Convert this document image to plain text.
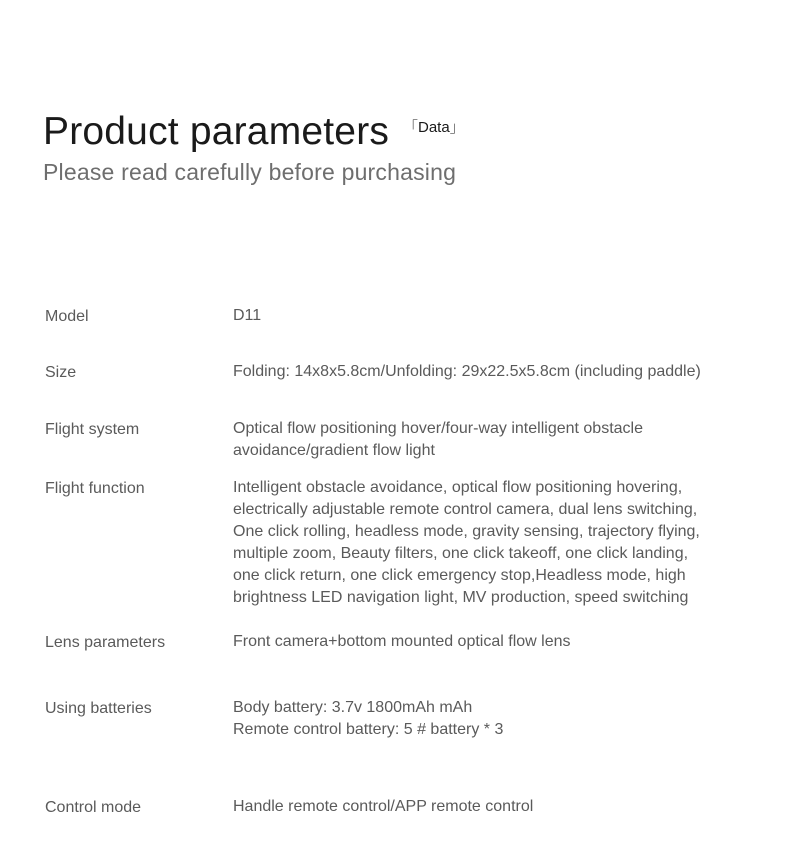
Product parameters 「Data」
Please read carefully before purchasing
Model	D11
Size	Folding: 14x8x5.8cm/Unfolding: 29x22.5x5.8cm (including paddle)
Flight system	Optical flow positioning hover/four-way intelligent obstacle
avoidance/gradient flow light
Flight function	Intelligent obstacle avoidance, optical flow positioning hovering,
electrically adjustable remote control camera, dual lens switching,
One click rolling, headless mode, gravity sensing, trajectory flying,
multiple zoom, Beauty filters, one click takeoff, one click landing,
one click return, one click emergency stop,Headless mode, high
brightness LED navigation light, MV production, speed switching
Lens parameters	Front camera+bottom mounted optical flow lens
Using batteries	Body battery: 3.7v 1800mAh mAh
Remote control battery: 5 # battery * 3
Control mode	Handle remote control/APP remote control
